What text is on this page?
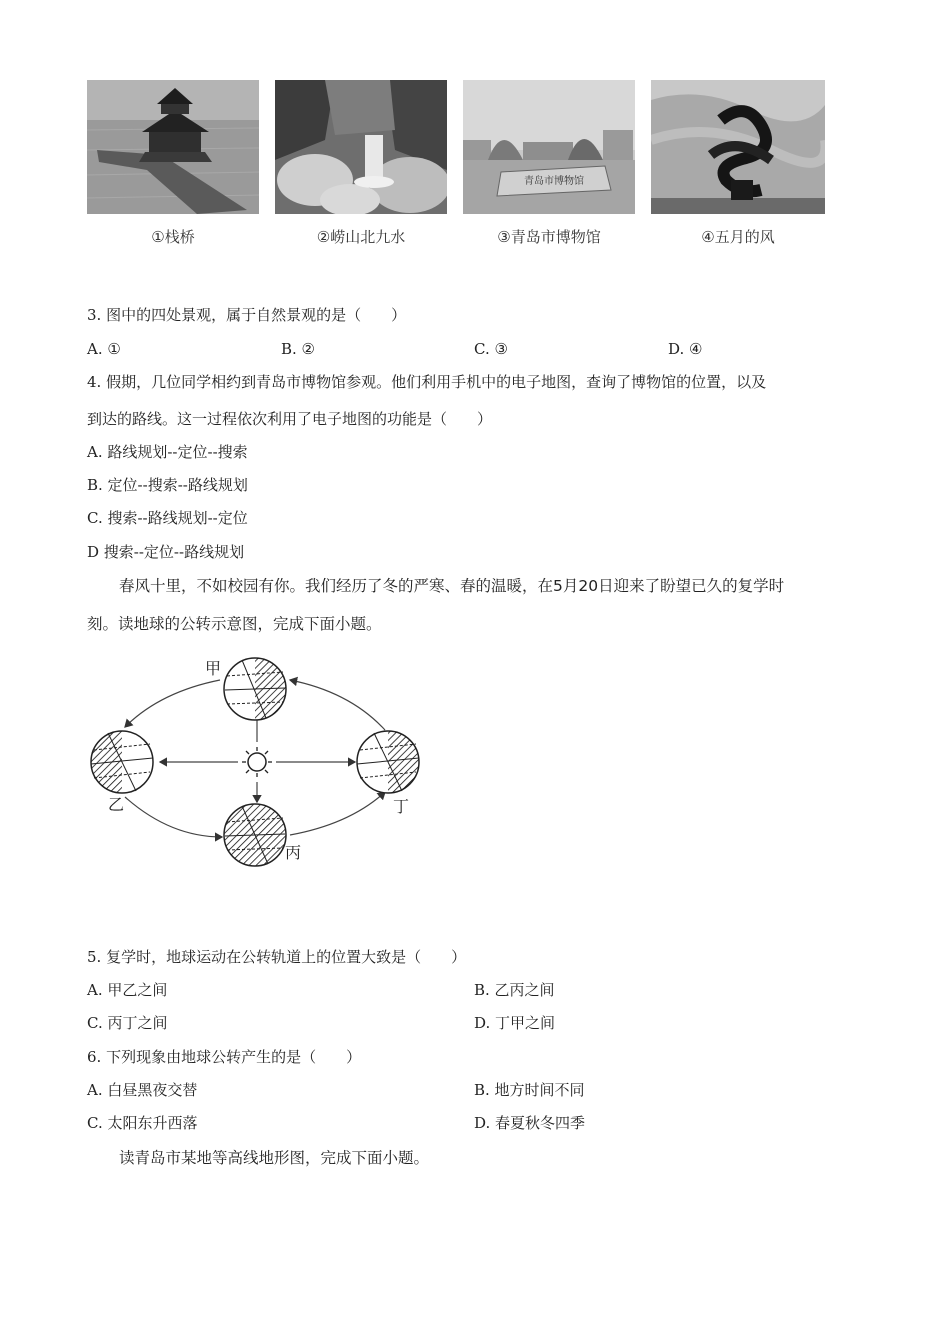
①栈桥	②崂山北九水
青岛市博物馆
③青岛市博物馆	④五月的风
3. 图中的四处景观，属于自然景观的是（　　）
A. ①	B. ②	C. ③	D. ④
4. 假期，几位同学相约到青岛市博物馆参观。他们利用手机中的电子地图，查询了博物馆的位置，以及
到达的路线。这一过程依次利用了电子地图的功能是（　　）
A. 路线规划--定位--搜索
B. 定位--搜索--路线规划
C. 搜索--路线规划--定位
D 搜索--定位--路线规划
春风十里，不如校园有你。我们经历了冬的严寒、春的温暖，在5月20日迎来了盼望已久的复学时
刻。读地球的公转示意图，完成下面小题。
甲
乙
丙
丁
5. 复学时，地球运动在公转轨道上的位置大致是（　　）
A. 甲乙之间	B. 乙丙之间
C. 丙丁之间	D. 丁甲之间
6. 下列现象由地球公转产生的是（　　）
A. 白昼黑夜交替	B. 地方时间不同
C. 太阳东升西落	D. 春夏秋冬四季
读青岛市某地等高线地形图，完成下面小题。
